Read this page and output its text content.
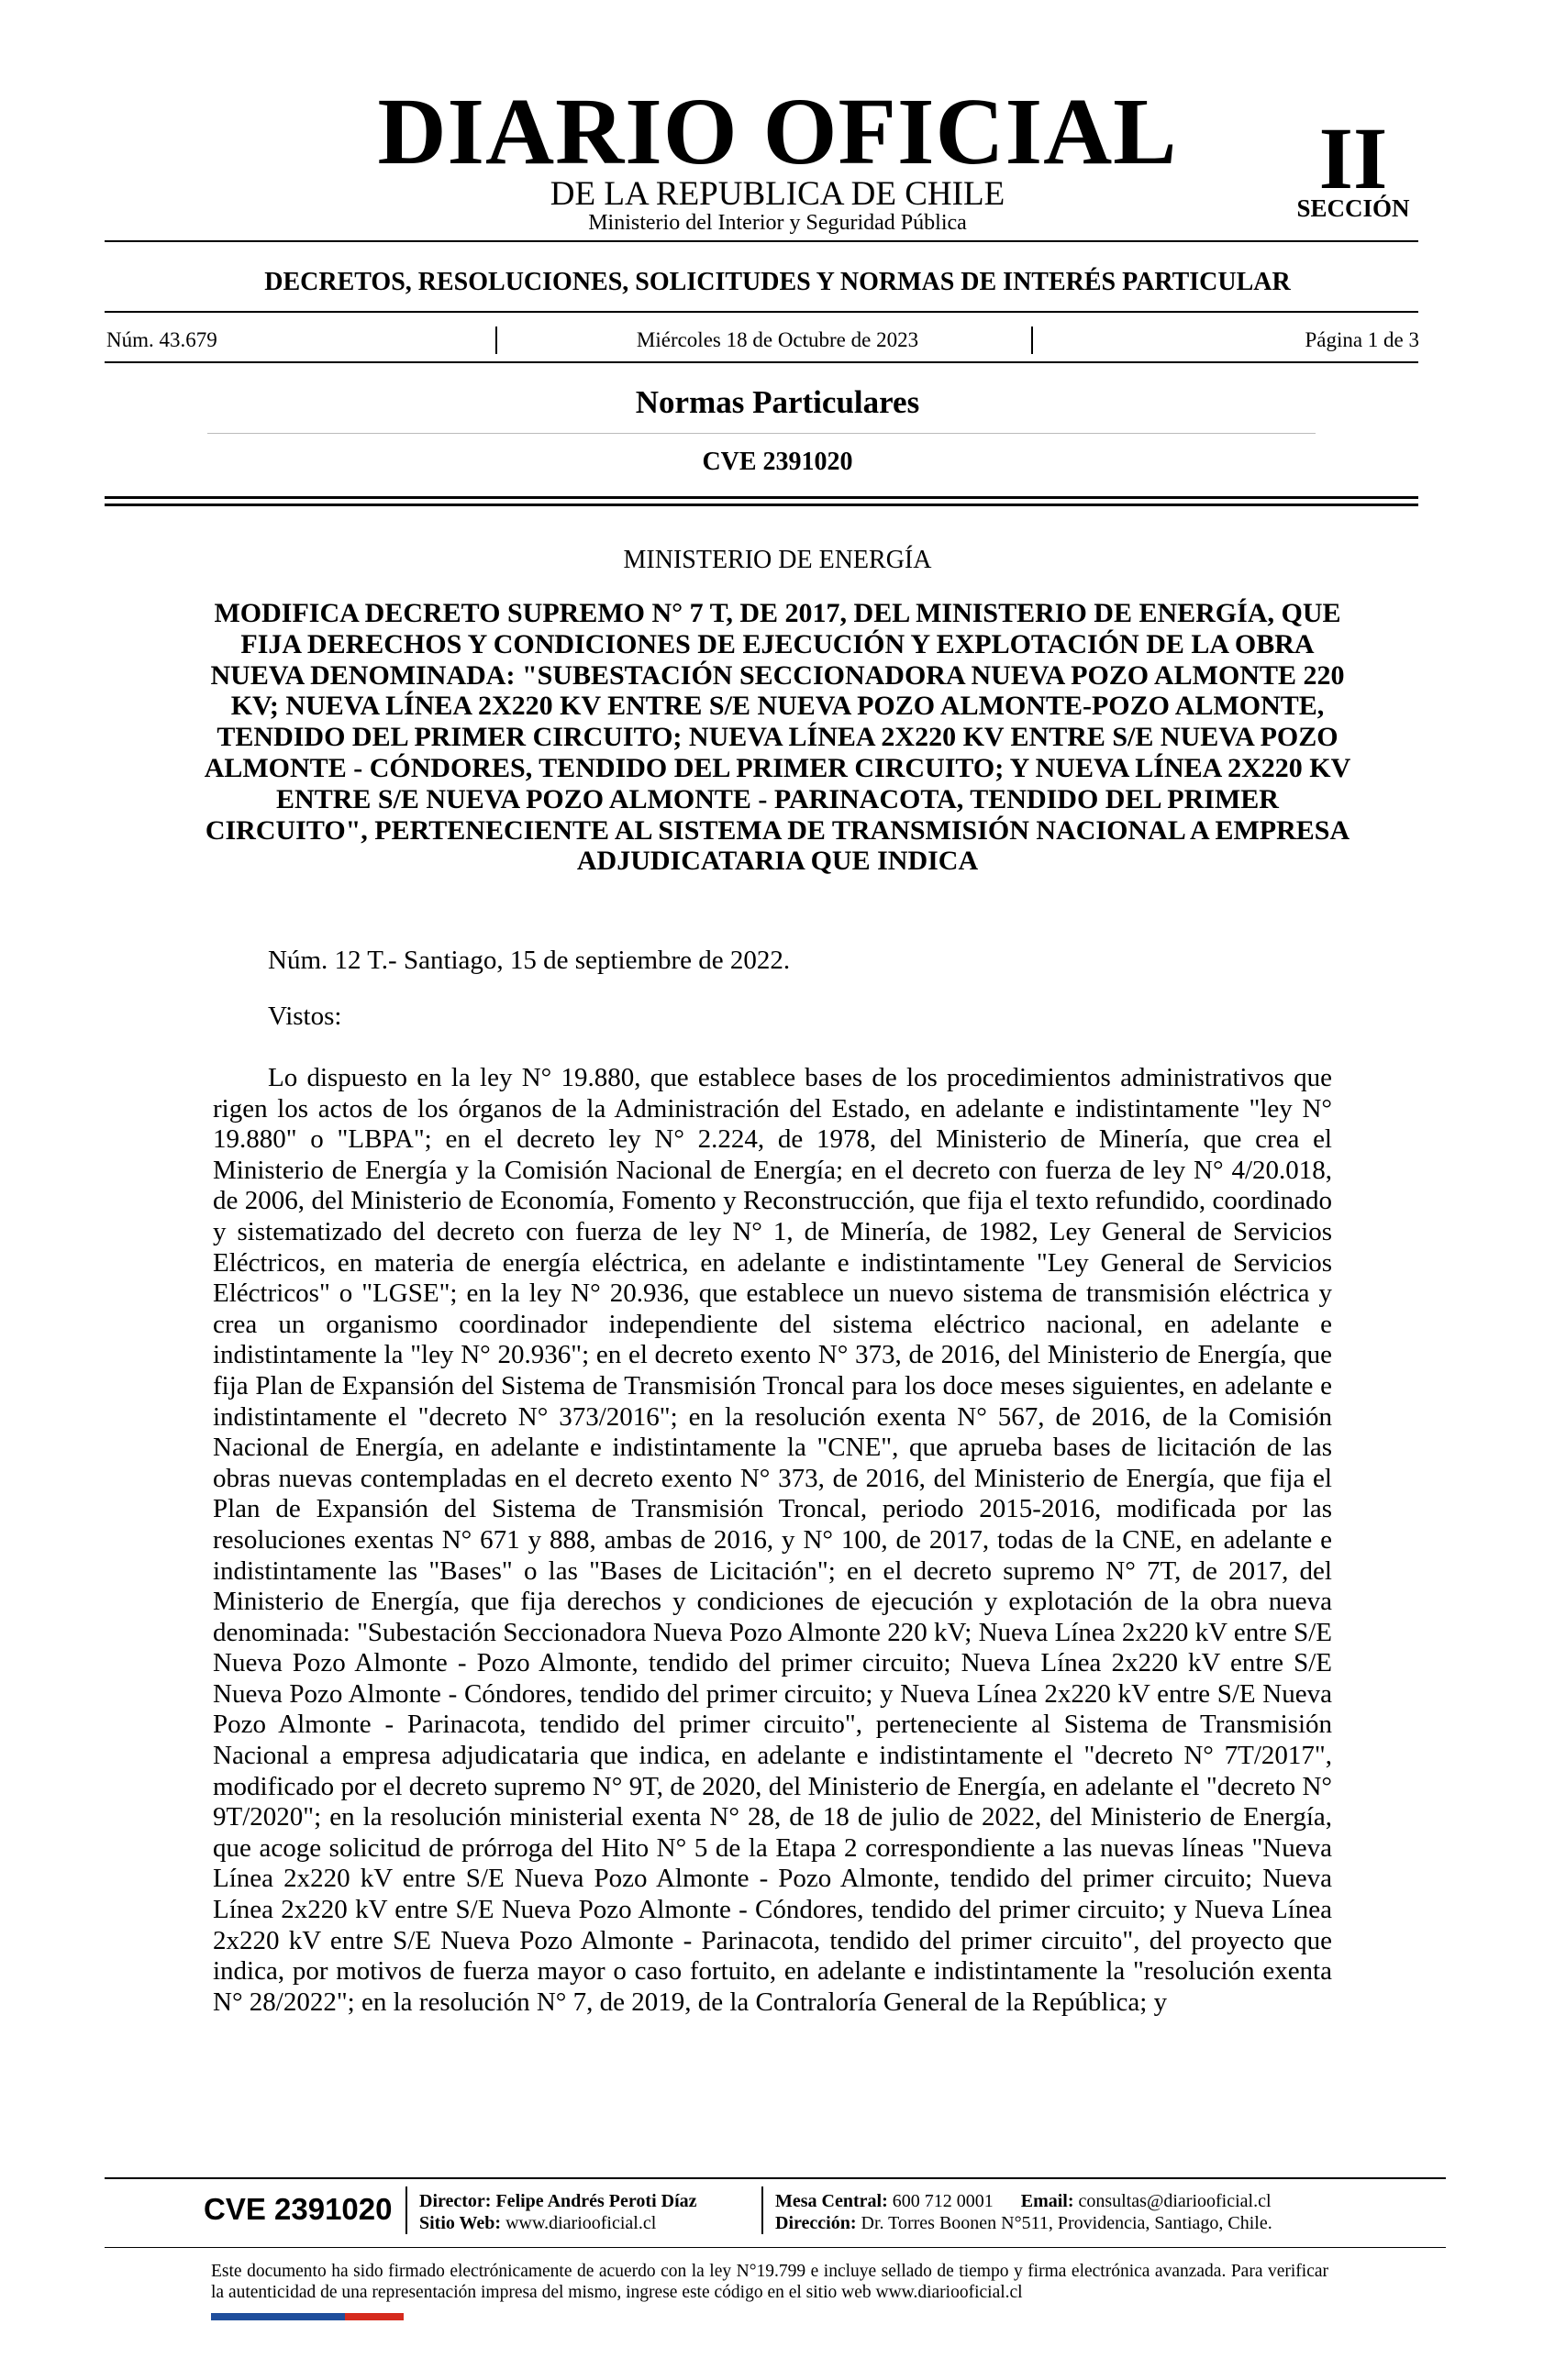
DIARIO OFICIAL
DE LA REPUBLICA DE CHILE
Ministerio del Interior y Seguridad Pública
II
SECCIÓN
DECRETOS, RESOLUCIONES, SOLICITUDES Y NORMAS DE INTERÉS PARTICULAR
Núm. 43.679	Miércoles 18 de Octubre de 2023	Página 1 de 3
Normas Particulares
CVE 2391020
MINISTERIO DE ENERGÍA
MODIFICA DECRETO SUPREMO N° 7 T, DE 2017, DEL MINISTERIO DE ENERGÍA, QUE FIJA DERECHOS Y CONDICIONES DE EJECUCIÓN Y EXPLOTACIÓN DE LA OBRA NUEVA DENOMINADA: "SUBESTACIÓN SECCIONADORA NUEVA POZO ALMONTE 220 KV; NUEVA LÍNEA 2X220 KV ENTRE S/E NUEVA POZO ALMONTE-POZO ALMONTE, TENDIDO DEL PRIMER CIRCUITO; NUEVA LÍNEA 2X220 KV ENTRE S/E NUEVA POZO ALMONTE - CÓNDORES, TENDIDO DEL PRIMER CIRCUITO; Y NUEVA LÍNEA 2X220 KV ENTRE S/E NUEVA POZO ALMONTE - PARINACOTA, TENDIDO DEL PRIMER CIRCUITO", PERTENECIENTE AL SISTEMA DE TRANSMISIÓN NACIONAL A EMPRESA ADJUDICATARIA QUE INDICA
Núm. 12 T.- Santiago, 15 de septiembre de 2022.
Vistos:
Lo dispuesto en la ley N° 19.880, que establece bases de los procedimientos administrativos que rigen los actos de los órganos de la Administración del Estado, en adelante e indistintamente "ley N° 19.880" o "LBPA"; en el decreto ley N° 2.224, de 1978, del Ministerio de Minería, que crea el Ministerio de Energía y la Comisión Nacional de Energía; en el decreto con fuerza de ley N° 4/20.018, de 2006, del Ministerio de Economía, Fomento y Reconstrucción, que fija el texto refundido, coordinado y sistematizado del decreto con fuerza de ley N° 1, de Minería, de 1982, Ley General de Servicios Eléctricos, en materia de energía eléctrica, en adelante e indistintamente "Ley General de Servicios Eléctricos" o "LGSE"; en la ley N° 20.936, que establece un nuevo sistema de transmisión eléctrica y crea un organismo coordinador independiente del sistema eléctrico nacional, en adelante e indistintamente la "ley N° 20.936"; en el decreto exento N° 373, de 2016, del Ministerio de Energía, que fija Plan de Expansión del Sistema de Transmisión Troncal para los doce meses siguientes, en adelante e indistintamente el "decreto N° 373/2016"; en la resolución exenta N° 567, de 2016, de la Comisión Nacional de Energía, en adelante e indistintamente la "CNE", que aprueba bases de licitación de las obras nuevas contempladas en el decreto exento N° 373, de 2016, del Ministerio de Energía, que fija el Plan de Expansión del Sistema de Transmisión Troncal, periodo 2015-2016, modificada por las resoluciones exentas N° 671 y 888, ambas de 2016, y N° 100, de 2017, todas de la CNE, en adelante e indistintamente las "Bases" o las "Bases de Licitación"; en el decreto supremo N° 7T, de 2017, del Ministerio de Energía, que fija derechos y condiciones de ejecución y explotación de la obra nueva denominada: "Subestación Seccionadora Nueva Pozo Almonte 220 kV; Nueva Línea 2x220 kV entre S/E Nueva Pozo Almonte - Pozo Almonte, tendido del primer circuito; Nueva Línea 2x220 kV entre S/E Nueva Pozo Almonte - Cóndores, tendido del primer circuito; y Nueva Línea 2x220 kV entre S/E Nueva Pozo Almonte - Parinacota, tendido del primer circuito", perteneciente al Sistema de Transmisión Nacional a empresa adjudicataria que indica, en adelante e indistintamente el "decreto N° 7T/2017", modificado por el decreto supremo N° 9T, de 2020, del Ministerio de Energía, en adelante el "decreto N° 9T/2020"; en la resolución ministerial exenta N° 28, de 18 de julio de 2022, del Ministerio de Energía, que acoge solicitud de prórroga del Hito N° 5 de la Etapa 2 correspondiente a las nuevas líneas "Nueva Línea 2x220 kV entre S/E Nueva Pozo Almonte - Pozo Almonte, tendido del primer circuito; Nueva Línea 2x220 kV entre S/E Nueva Pozo Almonte - Cóndores, tendido del primer circuito; y Nueva Línea 2x220 kV entre S/E Nueva Pozo Almonte - Parinacota, tendido del primer circuito", del proyecto que indica, por motivos de fuerza mayor o caso fortuito, en adelante e indistintamente la "resolución exenta N° 28/2022"; en la resolución N° 7, de 2019, de la Contraloría General de la República; y
CVE 2391020 Director: Felipe Andrés Peroti Díaz
Sitio Web: www.diariooficial.cl
Mesa Central: 600 712 0001 Email: consultas@diariooficial.cl
Dirección: Dr. Torres Boonen N°511, Providencia, Santiago, Chile.
Este documento ha sido firmado electrónicamente de acuerdo con la ley N°19.799 e incluye sellado de tiempo y firma electrónica avanzada. Para verificar la autenticidad de una representación impresa del mismo, ingrese este código en el sitio web www.diariooficial.cl
